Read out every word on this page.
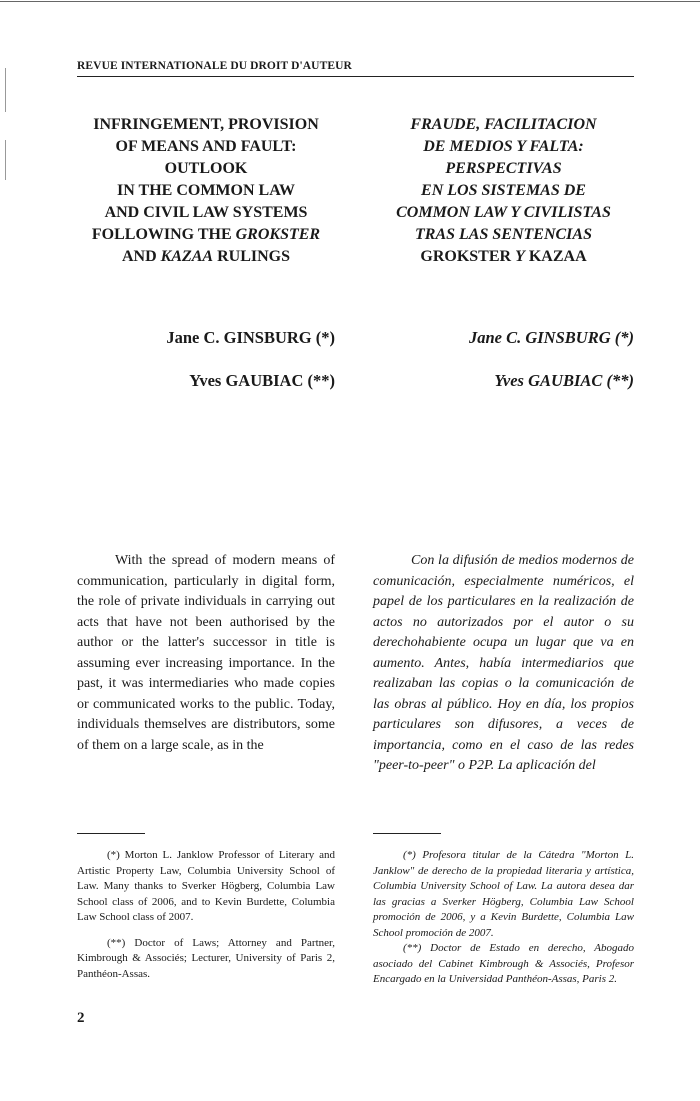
REVUE INTERNATIONALE DU DROIT D'AUTEUR
INFRINGEMENT, PROVISION
OF MEANS AND FAULT:
OUTLOOK
IN THE COMMON LAW
AND CIVIL LAW SYSTEMS
FOLLOWING THE GROKSTER
AND KAZAA RULINGS
FRAUDE, FACILITACION
DE MEDIOS Y FALTA:
PERSPECTIVAS
EN LOS SISTEMAS DE
COMMON LAW Y CIVILISTAS
TRAS LAS SENTENCIAS
GROKSTER Y KAZAA
Jane C. GINSBURG (*)
Yves GAUBIAC (**)
Jane C. GINSBURG (*)
Yves GAUBIAC (**)

With the spread of modern means of communication, particularly in digital form, the role of private individuals in carrying out acts that have not been authorised by the author or the latter's successor in title is assuming ever increasing importance. In the past, it was intermediaries who made copies or communicated works to the public. Today, individuals themselves are distributors, some of them on a large scale, as in the

Con la difusión de medios modernos de comunicación, especialmente numéricos, el papel de los particulares en la realización de actos no autorizados por el autor o su derechohabiente ocupa un lugar que va en aumento. Antes, había intermediarios que realizaban las copias o la comunicación de las obras al público. Hoy en día, los propios particulares son difusores, a veces de importancia, como en el caso de las redes "peer-to-peer" o P2P. La aplicación del

(*) Morton L. Janklow Professor of Literary and Artistic Property Law, Columbia University School of Law. Many thanks to Sverker Högberg, Columbia Law School class of 2006, and to Kevin Burdette, Columbia Law School class of 2007.

(**) Doctor of Laws; Attorney and Partner, Kimbrough & Associés; Lecturer, University of Paris 2, Panthéon-Assas.

(*) Profesora titular de la Cátedra "Morton L. Janklow" de derecho de la propiedad literaria y artística, Columbia University School of Law. La autora desea dar las gracias a Sverker Högberg, Columbia Law School promoción de 2006, y a Kevin Burdette, Columbia Law School promoción de 2007.

(**) Doctor de Estado en derecho, Abogado asociado del Cabinet Kimbrough & Associés, Profesor Encargado en la Universidad Panthéon-Assas, Paris 2.

2
